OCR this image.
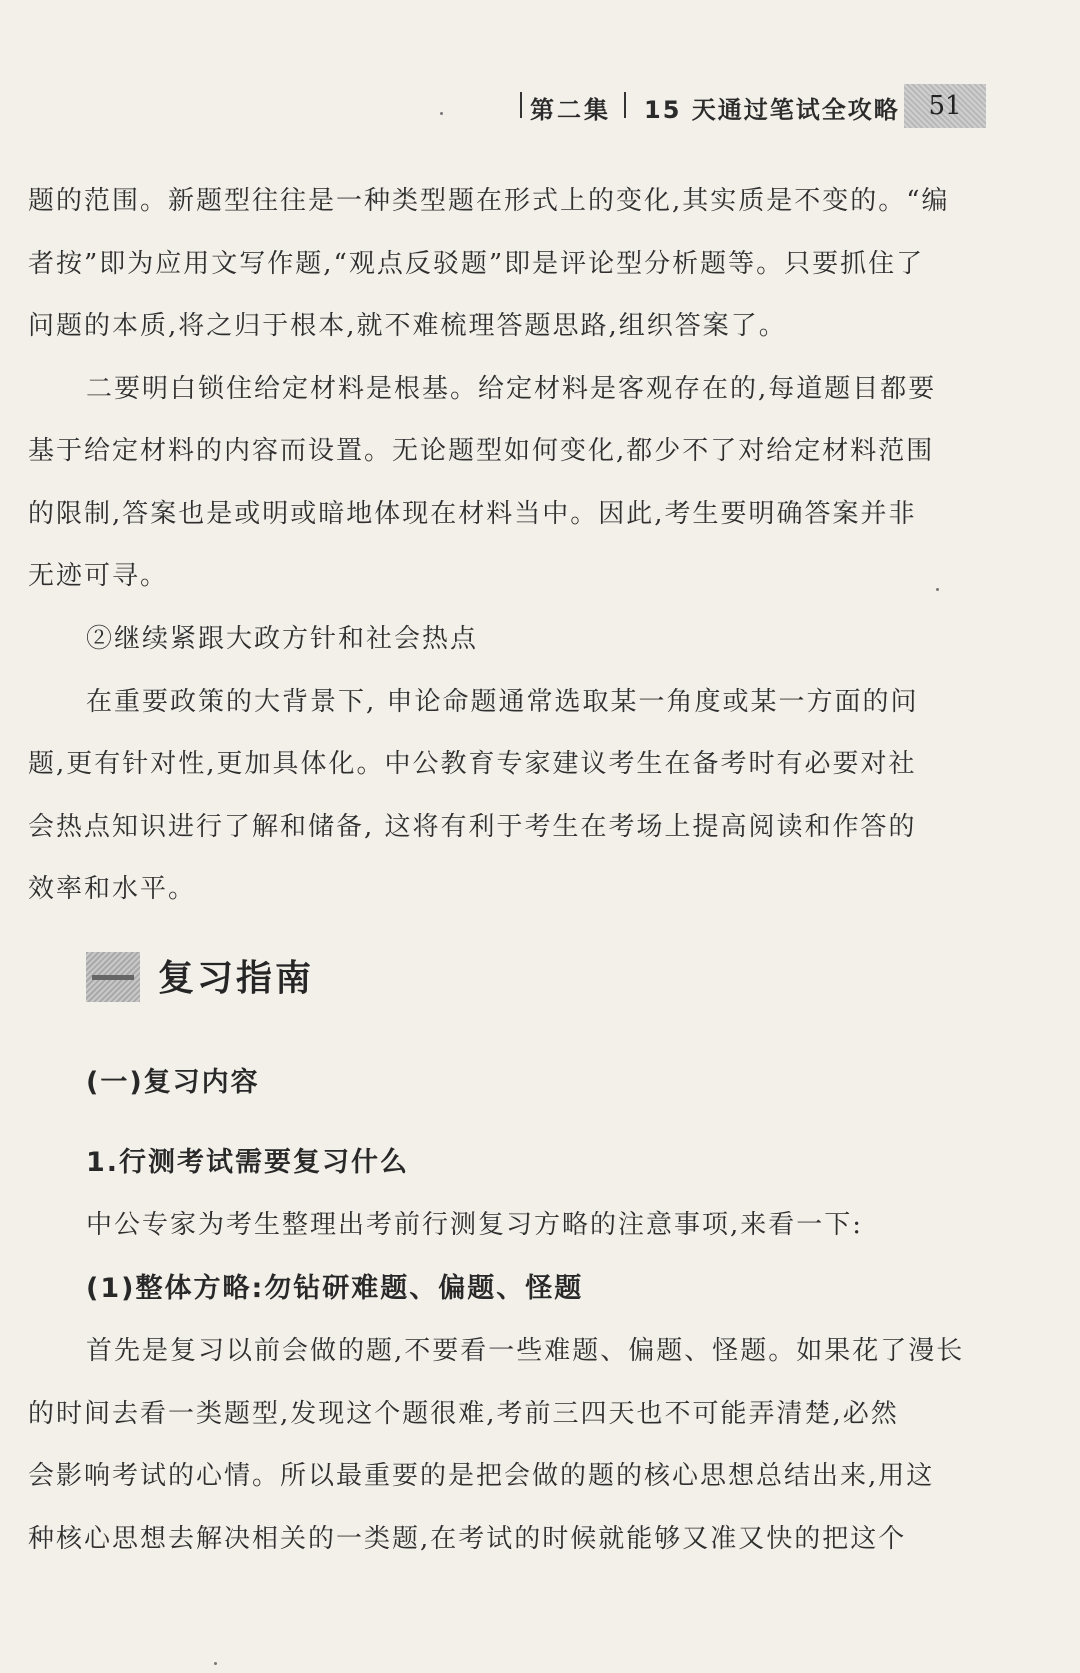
第二集 15 天通过笔试全攻略	51
题的范围。新题型往往是一种类型题在形式上的变化,其实质是不变的。“编
者按”即为应用文写作题,“观点反驳题”即是评论型分析题等。只要抓住了
问题的本质,将之归于根本,就不难梳理答题思路,组织答案了。
二要明白锁住给定材料是根基。给定材料是客观存在的,每道题目都要
基于给定材料的内容而设置。无论题型如何变化,都少不了对给定材料范围
的限制,答案也是或明或暗地体现在材料当中。因此,考生要明确答案并非
无迹可寻。
②继续紧跟大政方针和社会热点
在重要政策的大背景下, 申论命题通常选取某一角度或某一方面的问
题,更有针对性,更加具体化。中公教育专家建议考生在备考时有必要对社
会热点知识进行了解和储备, 这将有利于考生在考场上提高阅读和作答的
效率和水平。
复习指南
(一)复习内容
1.行测考试需要复习什么
中公专家为考生整理出考前行测复习方略的注意事项,来看一下:
(1)整体方略:勿钻研难题、偏题、怪题
首先是复习以前会做的题,不要看一些难题、偏题、怪题。如果花了漫长
的时间去看一类题型,发现这个题很难,考前三四天也不可能弄清楚,必然
会影响考试的心情。所以最重要的是把会做的题的核心思想总结出来,用这
种核心思想去解决相关的一类题,在考试的时候就能够又准又快的把这个
